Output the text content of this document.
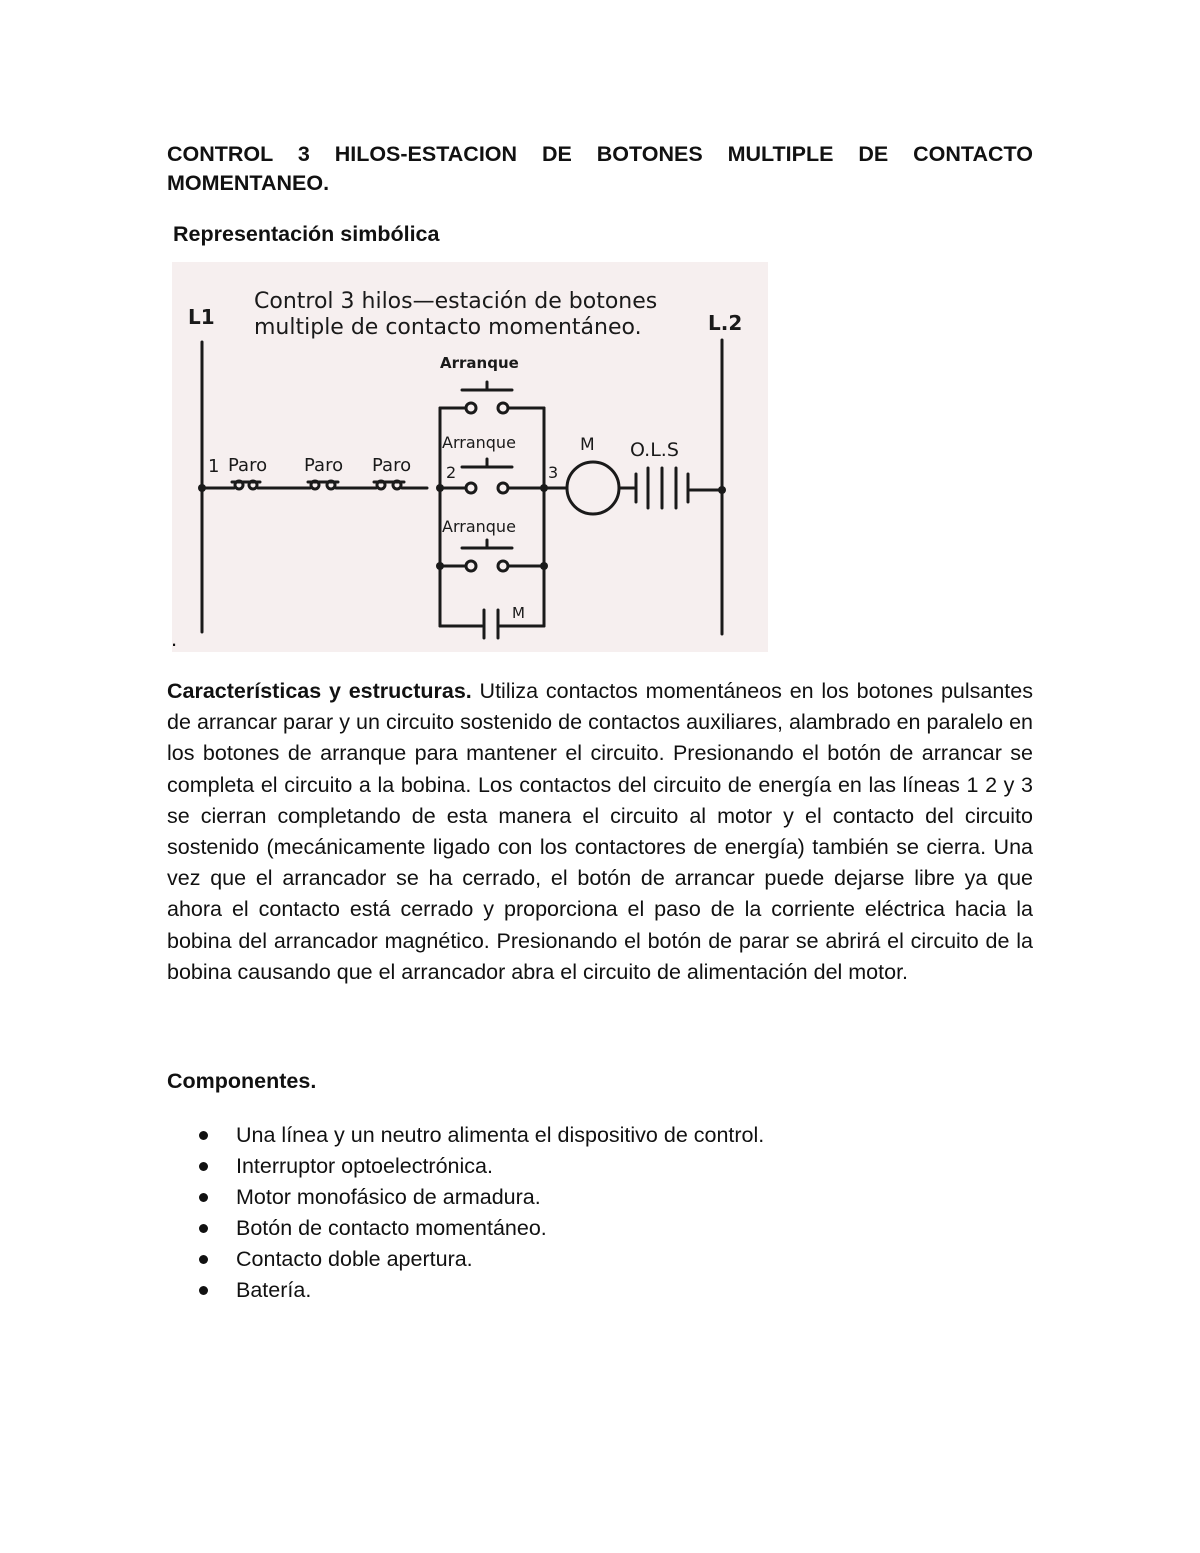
CONTROL 3 HILOS-ESTACION DE BOTONES MULTIPLE DE CONTACTO MOMENTANEO.
Representación simbólica
Control 3 hilos—estación de botones
multiple de contacto momentáneo.
L1	L.2
Arranque
Arranque
Arranque
1	2	3
Paro Paro Paro
M O.L.S
M
.

Características y estructuras. Utiliza contactos momentáneos en los botones pulsantes de arrancar parar y un circuito sostenido de contactos auxiliares, alambrado en paralelo en los botones de arranque para mantener el circuito. Presionando el botón de arrancar se completa el circuito a la bobina. Los contactos del circuito de energía en las líneas 1 2 y 3 se cierran completando de esta manera el circuito al motor y el contacto del circuito sostenido (mecánicamente ligado con los contactores de energía) también se cierra. Una vez que el arrancador se ha cerrado, el botón de arrancar puede dejarse libre ya que ahora el contacto está cerrado y proporciona el paso de la corriente eléctrica hacia la bobina del arrancador magnético. Presionando el botón de parar se abrirá el circuito de la bobina causando que el arrancador abra el circuito de alimentación del motor.

Componentes.
Una línea y un neutro alimenta el dispositivo de control.
Interruptor optoelectrónica.
Motor monofásico de armadura.
Botón de contacto momentáneo.
Contacto doble apertura.
Batería.
